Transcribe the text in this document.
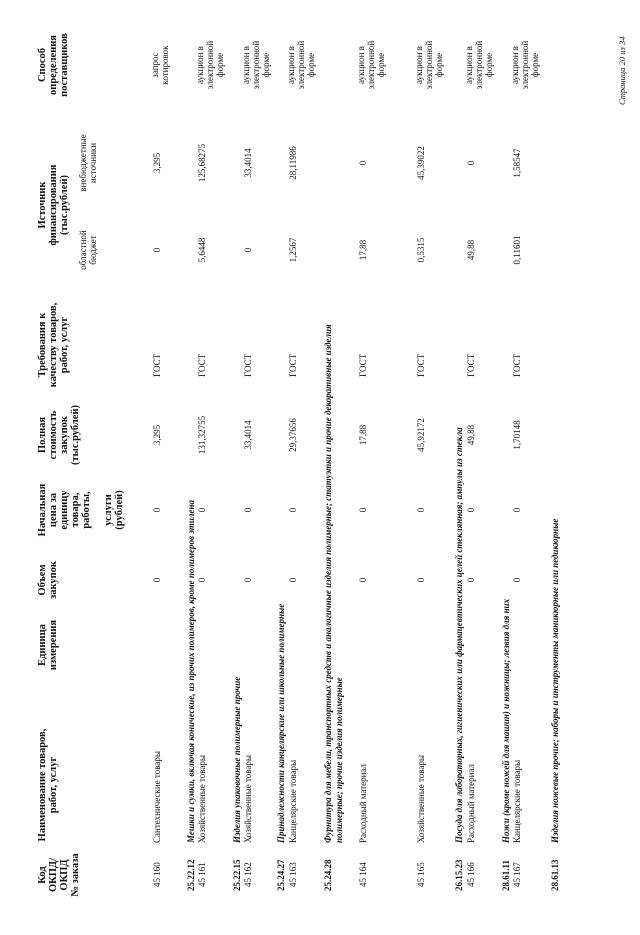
Код ОКПД/ ОКПД № заказа
Наименование товаров, работ, услуг
Единица измерения
Объем закупок
Начальная цена за единицу товара, работы, услуги (рублей)
Полная стоимость закупок (тыс.рублей)
Требования к качеству товаров, работ, услуг
Источник финансирования (тыс.рублей)
областной бюджет
внебюджетные источники
Способ определения поставщиков
45 160
Сантехнические товары
0
0
3,295
ГОСТ
0
3,295
запрос котировок
25.22.12
Мешки и сумки, включая конические, из прочих полимеров, кроме полимеров этилена
45 161
Хозяйственные товары
0
0
131,32755
ГОСТ
5,6448
125,68275
аукцион в электронной форме
25.22.15
Изделия упаковочные полимерные прочие
45 162
Хозяйственные товары
0
0
33,4014
ГОСТ
0
33,4014
аукцион в электронной форме
25.24.27
Принадлежности канцелярские или школьные полимерные
45 163
Канцелярские товары
0
0
29,37656
ГОСТ
1,2567
28,11986
аукцион в электронной форме
25.24.28
Фурнитура для мебели, транспортных средств и аналогичные изделия полимерные; статуэтки и прочие декоративные изделия полимерные; прочие изделия полимерные
45 164
Расходный материал
0
0
17,88
ГОСТ
17,88
0
аукцион в электронной форме
45 165
Хозяйственные товары
0
0
45,92172
ГОСТ
0,5315
45,39022
аукцион в электронной форме
26.15.23
Посуда для лабораторных, гигиенических или фармацевтических целей стеклянная; ампулы из стекла
45 166
Расходный материал
0
0
49,88
ГОСТ
49,88
0
аукцион в электронной форме
28.61.11
Ножи (кроме ножей для машин) и ножницы; лезвия для них
45 167
Канцелярские товары
0
0
1,70148
ГОСТ
0,11601
1,58547
аукцион в электронной форме
28.61.13
Изделия ножевые прочие; наборы и инструменты маникюрные или педикюрные
Страница 20 из 34
